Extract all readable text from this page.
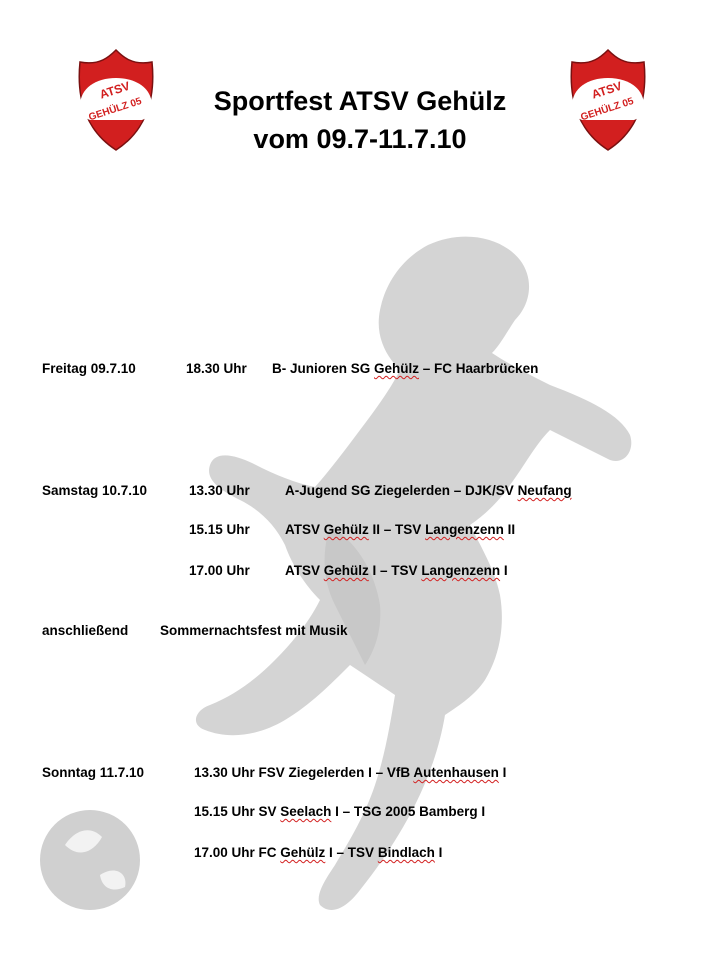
ATSV
GEHÜLZ 05
ATSV
GEHÜLZ 05
Sportfest ATSV Gehülz
vom 09.7-11.7.10
Freitag 09.7.10	18.30 Uhr B- Junioren SG Gehülz – FC Haarbrücken
Samstag 10.7.10	13.30 Uhr	A-Jugend SG Ziegelerden – DJK/SV Neufang
15.15 Uhr	ATSV Gehülz II – TSV Langenzenn II
17.00 Uhr	ATSV Gehülz I – TSV Langenzenn I
anschließend Sommernachtsfest mit Musik
Sonntag 11.7.10	13.30 Uhr FSV Ziegelerden I – VfB Autenhausen I
15.15 Uhr SV Seelach I – TSG 2005 Bamberg I
17.00 Uhr FC Gehülz I – TSV Bindlach I
